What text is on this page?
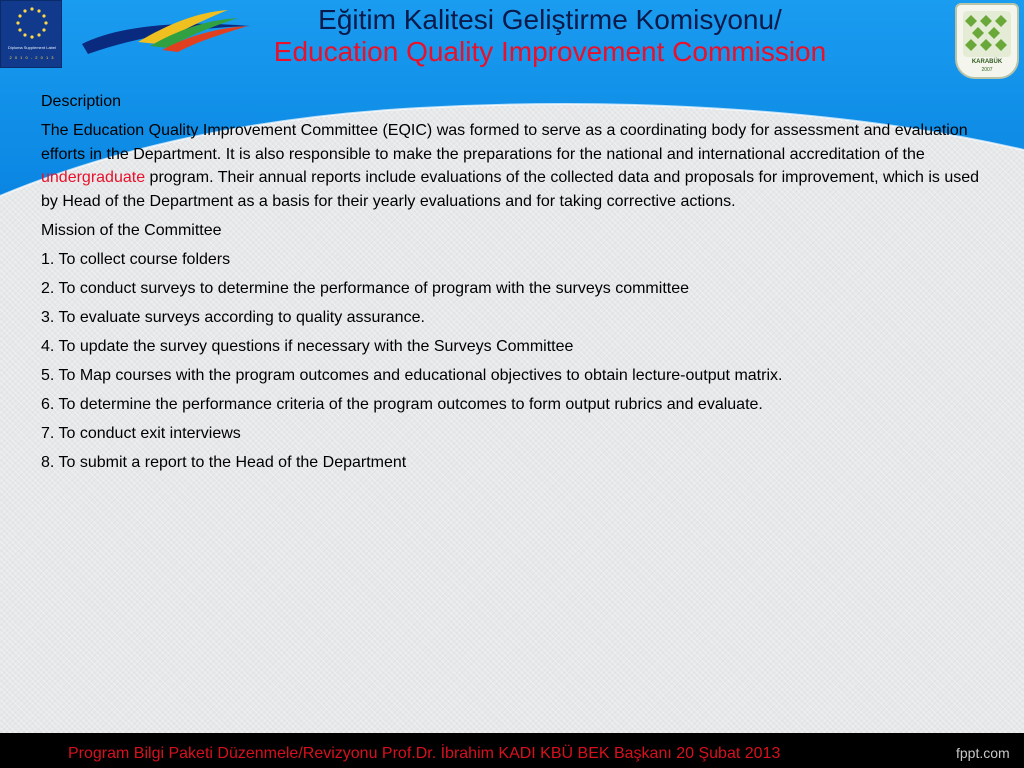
Diploma Supplement Label
2 0 1 0 - 2 0 1 3
Eğitim Kalitesi Geliştirme Komisyonu/
Education Quality Improvement Commission	KARABÜK
2007

Description

The Education Quality Improvement Committee (EQIC) was formed to serve as a coordinating body for assessment and evaluation efforts in the Department. It is also responsible to make the preparations for the national and international accreditation of the undergraduate program. Their annual reports include evaluations of the collected data and proposals for improvement, which is used by Head of the Department as a basis for their yearly evaluations and for taking corrective actions.

Mission of the Committee

1. To collect course folders

2. To conduct surveys to determine the performance of program with the surveys committee

3. To evaluate surveys according to quality assurance.

4. To update the survey questions if necessary with the Surveys Committee

5. To Map courses with the program outcomes and educational objectives to obtain lecture-output matrix.

6. To determine the performance criteria of the program outcomes to form output rubrics and evaluate.

7. To conduct exit interviews

8. To submit a report to the Head of the Department

Program Bilgi Paketi Düzenmele/Revizyonu Prof.Dr. İbrahim KADI KBÜ BEK Başkanı 20 Şubat 2013	fppt.com
